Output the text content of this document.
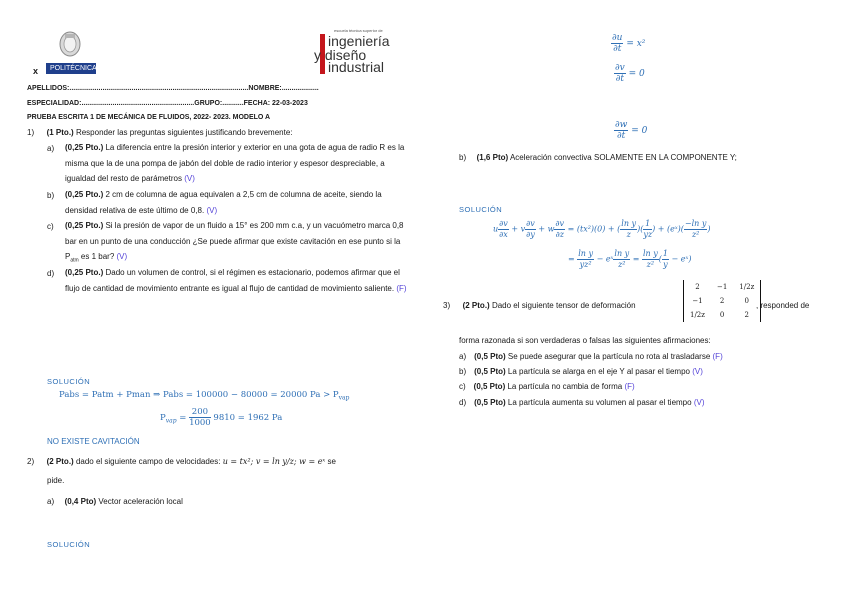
POLITÉCNICA
x
escuela técnica superior de
ingeniería
y diseño
industrial
APELLIDOS:............................................................................................NOMBRE:...................
ESPECIALIDAD:..........................................................GRUPO:...........FECHA: 22-03-2023
PRUEBA ESCRITA 1 DE MECÁNICA DE FLUIDOS, 2022- 2023. MODELO A
1) (1 Pto.) Responder las preguntas siguientes justificando brevemente:
a) (0,25 Pto.) La diferencia entre la presión interior y exterior en una gota de agua de radio R es la misma que la de una pompa de jabón del doble de radio interior y espesor despreciable, a igualdad del resto de parámetros (V)
b) (0,25 Pto.) 2 cm de columna de agua equivalen a 2,5 cm de columna de aceite, siendo la densidad relativa de este último de 0,8. (V)
c) (0,25 Pto.) Si la presión de vapor de un fluido a 15° es 200 mm c.a, y un vacuómetro marca 0,8 bar en un punto de una conducción ¿Se puede afirmar que existe cavitación en ese punto si la $P_{atm}$ es 1 bar? (V)
d) (0,25 Pto.) Dado un volumen de control, si el régimen es estacionario, podemos afirmar que el flujo de cantidad de movimiento entrante es igual al flujo de cantidad de movimiento saliente. (F)
SOLUCIÓN
Pabs = Patm + Pman ⇒ Pabs = 100000 − 80000 = 20000 $Pa > P_{vap}$
$P_{vap} = \frac{200}{1000} 9810 = 1962$ Pa
NO EXISTE CAVITACIÓN
2) (2 Pto.) dado el siguiente campo de velocidades: u = tx²; v = ln y/z; w = eˣ se
pide.
a) (0,4 Pto) Vector aceleración local
SOLUCIÓN
$\frac{\partial u}{\partial t} = x^2$
$\frac{\partial v}{\partial t} = 0$
$\frac{\partial w}{\partial t} = 0$
b) (1,6 Pto) Aceleración convectiva SOLAMENTE EN LA COMPONENTE Y;
SOLUCIÓN
u $\frac{\partial v}{\partial x} + v \frac{\partial v}{\partial y} + w \frac{\partial v}{\partial z} = (tx^2)(0)$ + ( $\frac{\text{ln y}}{z}$ )( $\frac{1}{yz}$ ) + (eˣ)( $\frac{\text{−ln y}}{\text{z²}}$ )
= $\frac{\text{ln y}}{\text{yz²}}$ − eˣ $\frac{\text{ln y}}{\text{z²}} = \frac{\text{ln y}}{\text{z²}}$ ( $\frac{1}{y}$ − eˣ)
3) (2 Pto.) Dado el siguiente tensor de deformación
2	−1	1/2z
−1	2	0
1/2z	0	2
, responded de
forma razonada si son verdaderas o falsas las siguientes afirmaciones:
a) (0,5 Pto) Se puede asegurar que la partícula no rota al trasladarse (F)
b) (0,5 Pto) La partícula se alarga en el eje Y al pasar el tiempo (V)
c) (0,5 Pto) La partícula no cambia de forma (F)
d) (0,5 Pto) La partícula aumenta su volumen al pasar el tiempo (V)
